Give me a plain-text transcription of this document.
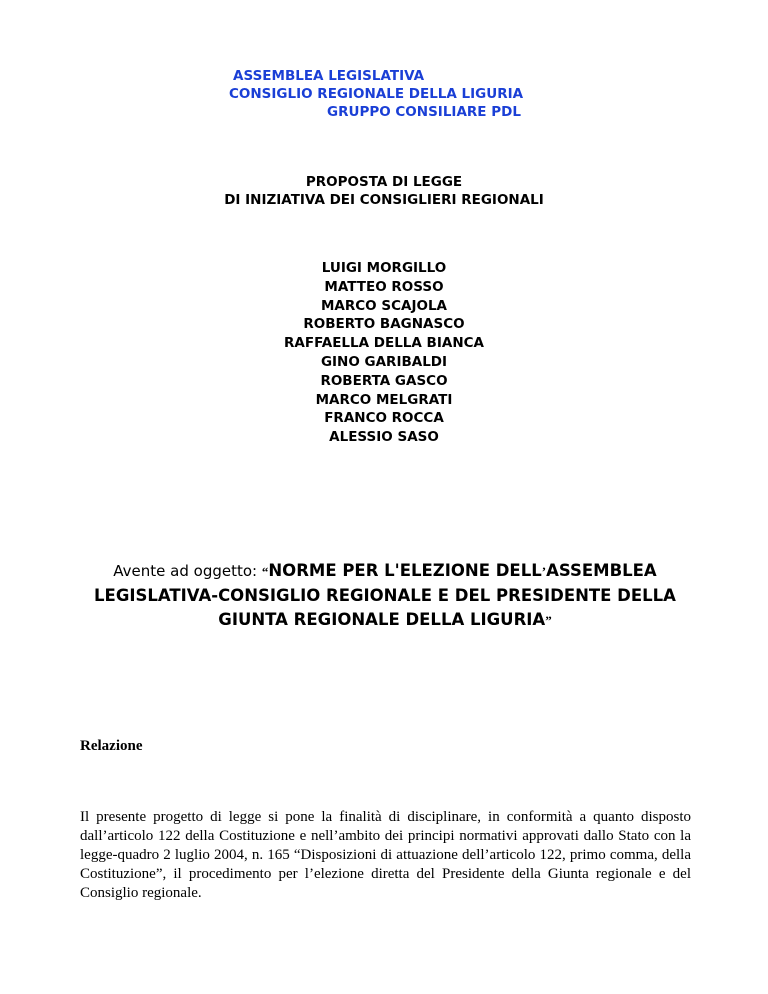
ASSEMBLEA LEGISLATIVA
CONSIGLIO REGIONALE DELLA LIGURIA
GRUPPO CONSILIARE PDL
PROPOSTA DI LEGGE
DI INIZIATIVA DEI CONSIGLIERI REGIONALI
LUIGI MORGILLO
MATTEO ROSSO
MARCO SCAJOLA
ROBERTO BAGNASCO
RAFFAELLA DELLA BIANCA
GINO GARIBALDI
ROBERTA GASCO
MARCO MELGRATI
FRANCO ROCCA
ALESSIO SASO
Avente ad oggetto: “NORME PER L'ELEZIONE DELL’ASSEMBLEA LEGISLATIVA-CONSIGLIO REGIONALE E DEL PRESIDENTE DELLA GIUNTA REGIONALE DELLA LIGURIA”
Relazione

Il presente progetto di legge si pone la finalità di disciplinare, in conformità a quanto disposto dall’articolo 122 della Costituzione e nell’ambito dei principi normativi approvati dallo Stato con la legge-quadro 2 luglio 2004, n. 165 “Disposizioni di attuazione dell’articolo 122, primo comma, della Costituzione”, il procedimento per l’elezione diretta del Presidente della Giunta regionale e del Consiglio regionale.
